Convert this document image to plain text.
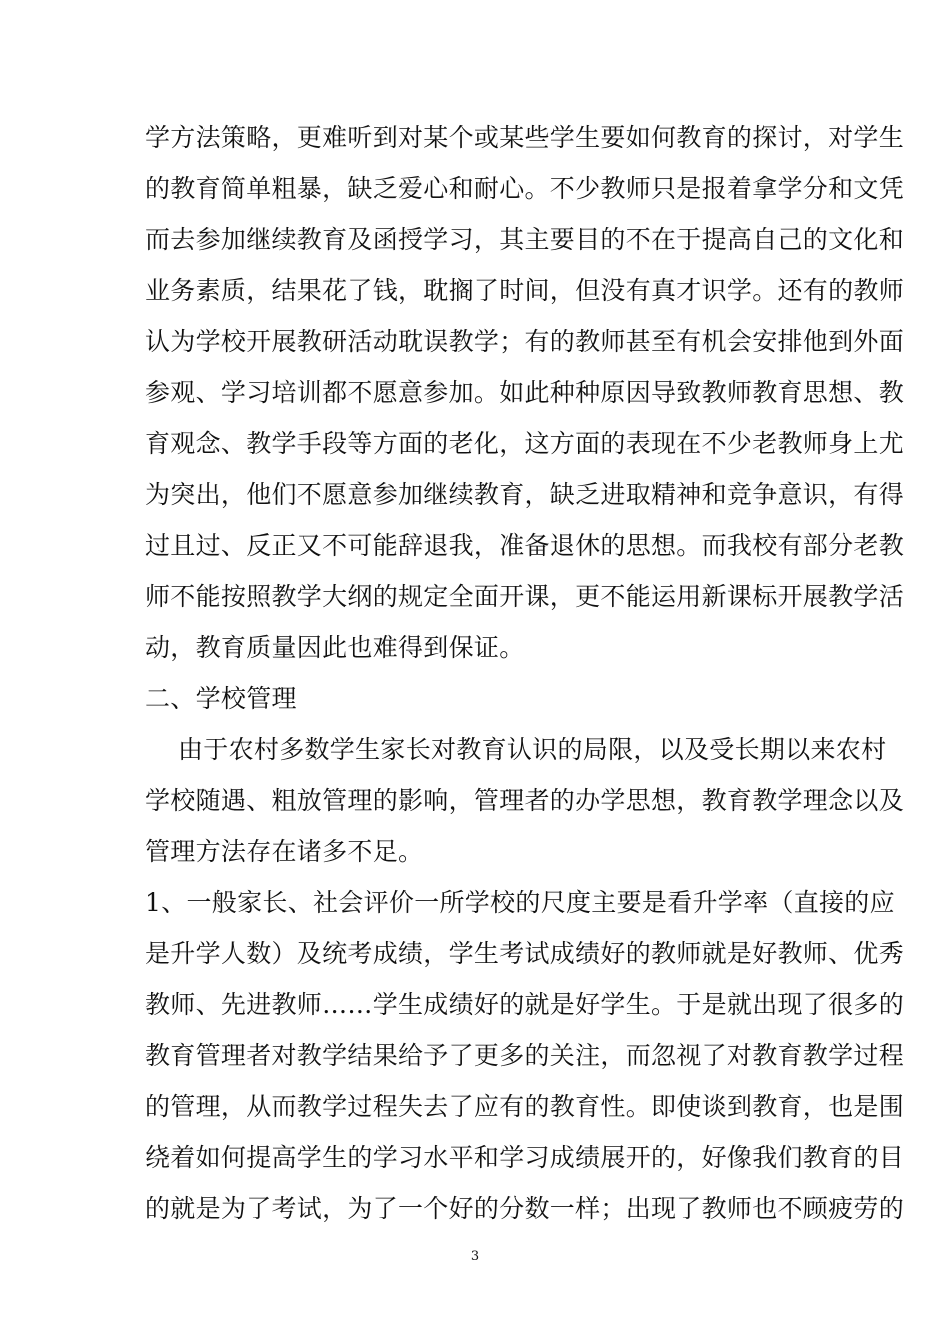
学方法策略，更难听到对某个或某些学生要如何教育的探讨，对学生
的教育简单粗暴，缺乏爱心和耐心。不少教师只是报着拿学分和文凭
而去参加继续教育及函授学习，其主要目的不在于提高自己的文化和
业务素质，结果花了钱，耽搁了时间，但没有真才识学。还有的教师
认为学校开展教研活动耽误教学；有的教师甚至有机会安排他到外面
参观、学习培训都不愿意参加。如此种种原因导致教师教育思想、教
育观念、教学手段等方面的老化，这方面的表现在不少老教师身上尤
为突出，他们不愿意参加继续教育，缺乏进取精神和竞争意识，有得
过且过、反正又不可能辞退我，准备退休的思想。而我校有部分老教
师不能按照教学大纲的规定全面开课，更不能运用新课标开展教学活
动，教育质量因此也难得到保证。
二、学校管理
由于农村多数学生家长对教育认识的局限，以及受长期以来农村
学校随遇、粗放管理的影响，管理者的办学思想，教育教学理念以及
管理方法存在诸多不足。
1、一般家长、社会评价一所学校的尺度主要是看升学率（直接的应
是升学人数）及统考成绩，学生考试成绩好的教师就是好教师、优秀
教师、先进教师……学生成绩好的就是好学生。于是就出现了很多的
教育管理者对教学结果给予了更多的关注，而忽视了对教育教学过程
的管理，从而教学过程失去了应有的教育性。即使谈到教育，也是围
绕着如何提高学生的学习水平和学习成绩展开的，好像我们教育的目
的就是为了考试，为了一个好的分数一样；出现了教师也不顾疲劳的
3
